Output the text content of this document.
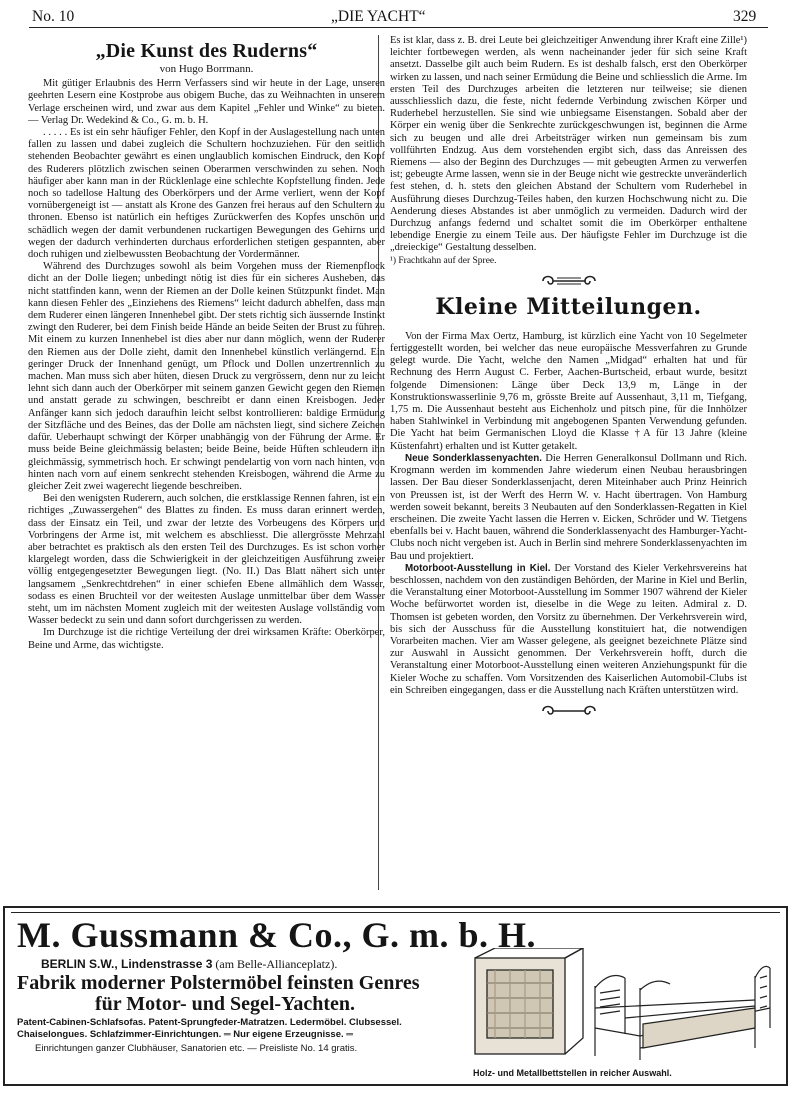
No. 10	„DIE YACHT“	329
„Die Kunst des Ruderns“
von Hugo Borrmann.

Mit gütiger Erlaubnis des Herrn Verfassers sind wir heute in der Lage, unseren geehrten Lesern eine Kostprobe aus obigem Buche, das zu Weihnachten in unserem Verlage erscheinen wird, und zwar aus dem Kapitel „Fehler und Winke“ zu bieten. — Verlag Dr. Wedekind & Co., G. m. b. H.

. . . . . Es ist ein sehr häufiger Fehler, den Kopf in der Auslagestellung nach unten fallen zu lassen und dabei zugleich die Schultern hochzuziehen. Für den seitlich stehenden Beobachter gewährt es einen unglaublich komischen Eindruck, den Kopf des Ruderers plötzlich zwischen seinen Oberarmen verschwinden zu sehen. Noch häufiger aber kann man in der Rücklenlage eine schlechte Kopfstellung finden. Jede noch so tadellose Haltung des Oberkörpers und der Arme verliert, wenn der Kopf vornübergeneigt ist — anstatt als Krone des Ganzen frei heraus auf den Schultern zu thronen. Ebenso ist natürlich ein heftiges Zurückwerfen des Kopfes unschön und schädlich wegen der damit verbundenen ruckartigen Bewegungen des Gehirns und wegen der dadurch verhinderten durchaus erforderlichen stetigen gespannten, aber doch ruhigen und zielbewussten Beobachtung der Vordermänner.

Während des Durchzuges sowohl als beim Vorgehen muss der Riemenpflock dicht an der Dolle liegen; unbedingt nötig ist dies für ein sicheres Ausheben, das nicht stattfinden kann, wenn der Riemen an der Dolle keinen Stützpunkt findet. Man kann diesen Fehler des „Einziehens des Riemens“ leicht dadurch abhelfen, dass man dem Ruderer einen längeren Innenhebel gibt. Der stets richtig sich äussernde Instinkt zwingt den Ruderer, bei dem Finish beide Hände an beide Seiten der Brust zu führen. Mit einem zu kurzen Innenhebel ist dies aber nur dann möglich, wenn der Ruderer den Riemen aus der Dolle zieht, damit den Innenhebel künstlich verlängernd. Ein geringer Druck der Innenhand genügt, um Pflock und Dollen unzertrennlich zu machen. Man muss sich aber hüten, diesen Druck zu vergrössern, denn nur zu leicht lehnt sich dann auch der Oberkörper mit seinem ganzen Gewicht gegen den Riemen und anstatt gerade zu schwingen, beschreibt er dann einen Kreisbogen. Jeder Anfänger kann sich jedoch daraufhin leicht selbst kontrollieren: baldige Ermüdung der Sitzfläche und des Beines, das der Dolle am nächsten liegt, sind sichere Zeichen dafür. Ueberhaupt schwingt der Körper unabhängig von der Führung der Arme. Er muss beide Beine gleichmässig belasten; beide Beine, beide Hüften schleudern ihn gleichmässig, symmetrisch hoch. Er schwingt pendelartig von vorn nach hinten, von hinten nach vorn auf einem senkrecht stehenden Kreisbogen, während die Arme zu gleicher Zeit zwei wagerecht liegende beschreiben.

Bei den wenigsten Ruderern, auch solchen, die erstklassige Rennen fahren, ist ein richtiges „Zuwassergehen“ des Blattes zu finden. Es muss daran erinnert werden, dass der Einsatz ein Teil, und zwar der letzte des Vorbeugens des Körpers und Vorbringens der Arme ist, mit welchem es abschliesst. Die allergrösste Mehrzahl aber betrachtet es praktisch als den ersten Teil des Durchzuges. Es ist schon vorher klargelegt worden, dass die Schwierigkeit in der gleichzeitigen Ausführung zweier völlig entgegengesetzter Bewegungen liegt. (No. II.) Das Blatt nähert sich unter langsamem „Senkrechtdrehen“ in einer schiefen Ebene allmählich dem Wasser, sodass es einen Bruchteil vor der weitesten Auslage unmittelbar über dem Wasser steht, um im nächsten Moment zugleich mit der weitesten Auslage vollständig vom Wasser bedeckt zu sein und dann sofort durchgerissen zu werden.

Im Durchzuge ist die richtige Verteilung der drei wirksamen Kräfte: Oberkörper, Beine und Arme, das wichtigste.

Es ist klar, dass z. B. drei Leute bei gleichzeitiger Anwendung ihrer Kraft eine Zille¹) leichter fortbewegen werden, als wenn nacheinander jeder für sich seine Kraft ansetzt. Dasselbe gilt auch beim Rudern. Es ist deshalb falsch, erst den Oberkörper wirken zu lassen, und nach seiner Ermüdung die Beine und schliesslich die Arme. Im ersten Teil des Durchzuges arbeiten die letzteren nur teilweise; sie dienen ausschliesslich dazu, die feste, nicht federnde Verbindung zwischen Körper und Ruderhebel herzustellen. Sie sind wie unbiegsame Eisenstangen. Sobald aber der Körper ein wenig über die Senkrechte zurückgeschwungen ist, beginnen die Arme sich zu beugen und alle drei Arbeitsträger wirken nun gemeinsam bis zum vollführten Endzug. Aus dem vorstehenden ergibt sich, dass das Anreissen des Riemens — also der Beginn des Durchzuges — mit gebeugten Armen zu verwerfen ist; gebeugte Arme lassen, wenn sie in der Beuge nicht wie gestreckte unveränderlich fest stehen, d. h. stets den gleichen Abstand der Schultern vom Ruderhebel in Ausführung dieses Durchzug-Teiles haben, den kurzen Hochschwung nicht zu. Die Aenderung dieses Abstandes ist aber unmöglich zu vermeiden. Dadurch wird der Durchzug anfangs federnd und schaltet somit die im Oberkörper enthaltene lebendige Energie zu einem Teile aus. Der häufigste Fehler im Durchzuge ist die „dreieckige“ Gestaltung desselben.

¹) Frachtkahn auf der Spree.

Kleine Mitteilungen.

Von der Firma Max Oertz, Hamburg, ist kürzlich eine Yacht von 10 Segelmeter fertiggestellt worden, bei welcher das neue europäische Messverfahren zu Grunde gelegt wurde. Die Yacht, welche den Namen „Midgad“ erhalten hat und für Rechnung des Herrn August C. Ferber, Aachen-Burtscheid, erbaut wurde, besitzt folgende Dimensionen: Länge über Deck 13,9 m, Länge in der Konstruktionswasserlinie 9,76 m, grösste Breite auf Aussenhaut, 3,11 m, Tiefgang, 1,75 m. Die Aussenhaut besteht aus Eichenholz und pitsch pine, für die Innhölzer haben Stahlwinkel in Verbindung mit angebogenen Spanten Verwendung gefunden. Die Yacht hat beim Germanischen Lloyd die Klasse †A für 13 Jahre (kleine Küstenfahrt) erhalten und ist Kutter getakelt.

Neue Sonderklassenyachten. Die Herren Generalkonsul Dollmann und Rich. Krogmann werden im kommenden Jahre wiederum einen Neubau herausbringen lassen. Der Bau dieser Sonderklassenjacht, deren Miteinhaber auch Prinz Heinrich von Preussen ist, ist der Werft des Herrn W. v. Hacht übertragen. Von Hamburg werden soweit bekannt, bereits 3 Neubauten auf den Sonderklassen-Regatten in Kiel erscheinen. Die zweite Yacht lassen die Herren v. Eicken, Schröder und W. Tietgens ebenfalls bei v. Hacht bauen, während die Sonderklassenyacht des Hamburger-Yacht-Clubs noch nicht vergeben ist. Auch in Berlin sind mehrere Sonderklassenyachten im Bau und projektiert.

Motorboot-Ausstellung in Kiel. Der Vorstand des Kieler Verkehrsvereins hat beschlossen, nachdem von den zuständigen Behörden, der Marine in Kiel und Berlin, die Veranstaltung einer Motorboot-Ausstellung im Sommer 1907 während der Kieler Woche befürwortet worden ist, dieselbe in die Wege zu leiten. Admiral z. D. Thomsen ist gebeten worden, den Vorsitz zu übernehmen. Der Verkehrsverein wird, bis sich der Ausschuss für die Ausstellung konstituiert hat, die notwendigen Vorarbeiten machen. Vier am Wasser gelegene, als geeignet bezeichnete Plätze sind zur Auswahl in Aussicht genommen. Der Verkehrsverein hofft, durch die Veranstaltung einer Motorboot-Ausstellung einen weiteren Anziehungspunkt für die Kieler Woche zu schaffen. Vom Vorsitzenden des Kaiserlichen Automobil-Clubs ist ein Schreiben eingegangen, dass er die Ausstellung nach Kräften unterstützen wird.

M. Gussmann & Co., G. m. b. H.
BERLIN S.W., Lindenstrasse 3 (am Belle-Allianceplatz).
Fabrik moderner Polstermöbel feinsten Genres
für Motor- und Segel-Yachten.
Patent-Cabinen-Schlafsofas. Patent-Sprungfeder-Matratzen. Ledermöbel. Clubsessel.
Chaiselongues. Schlafzimmer-Einrichtungen. ═ Nur eigene Erzeugnisse. ═
Einrichtungen ganzer Clubhäuser, Sanatorien etc. — Preisliste No. 14 gratis.
Holz- und Metallbettstellen in reicher Auswahl.
